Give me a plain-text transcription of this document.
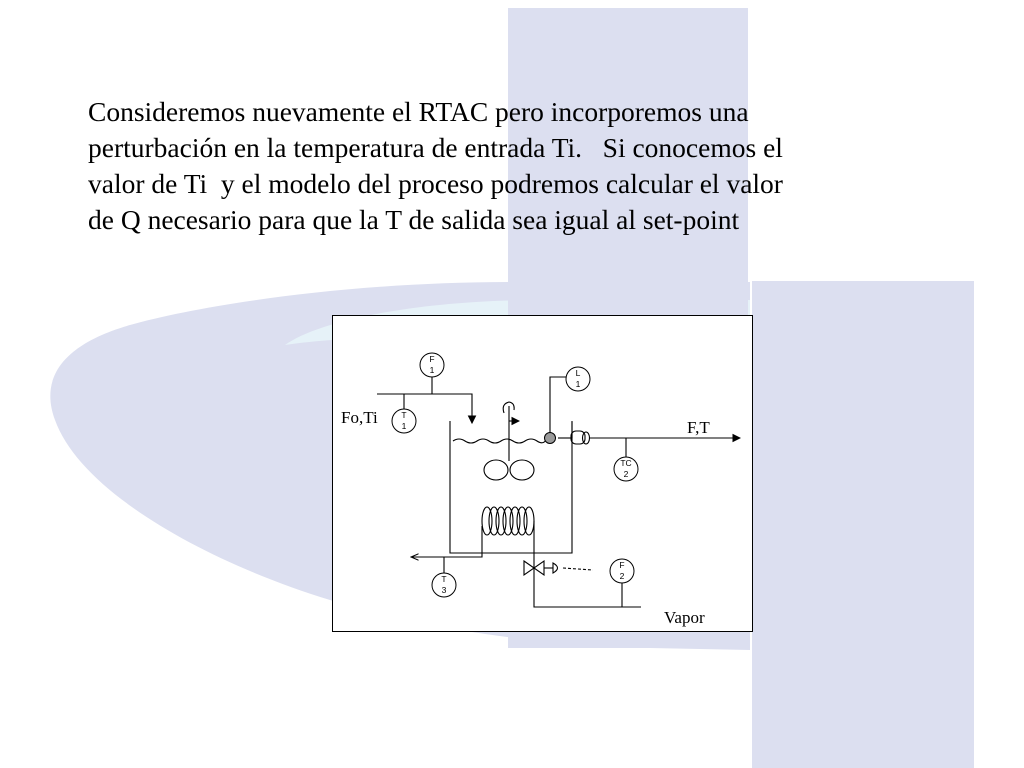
Consideremos nuevamente el RTAC pero incorporemos una
perturbación en la temperatura de entrada Ti.   Si conocemos el
valor de Ti  y el modelo del proceso podremos calcular el valor
de Q necesario para que la T de salida sea igual al set-point

F
1
T
1
L
1
TC
2
F
2
T
3
Fo,Ti
F,T
Vapor
